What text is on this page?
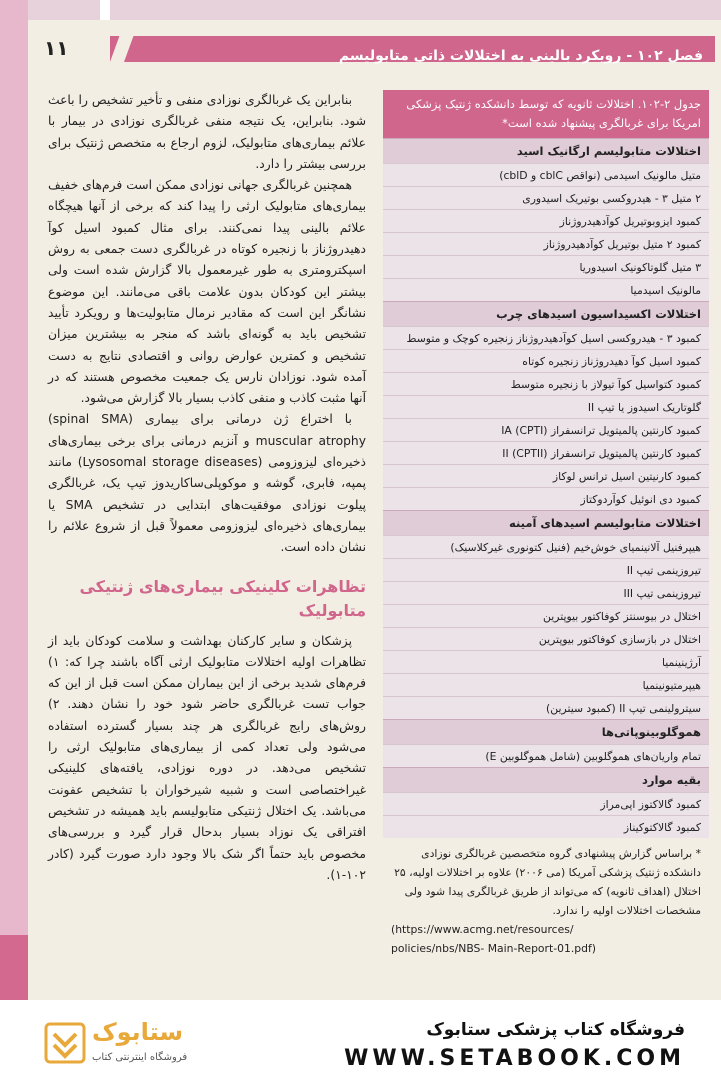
فصل ۱۰۲ - رویکرد بالینی به اختلالات ذاتی متابولیسم
۱۱

بنابراین یک غربالگری نوزادی منفی و تأخیر تشخیص را باعث شود. بنابراین، یک نتیجه منفی غربالگری نوزادی در بیمار با علائم بیماری‌های متابولیک، لزوم ارجاع به متخصص ژنتیک برای بررسی بیشتر را دارد.

همچنین غربالگری جهانی نوزادی ممکن است فرم‌های خفیف بیماری‌های متابولیک ارثی را پیدا کند که برخی از آنها هیچگاه علائم بالینی پیدا نمی‌کنند. برای مثال کمبود اسیل کوآ دهیدروژناز با زنجیره کوتاه در غربالگری دست جمعی به روش اسپکترومتری به طور غیرمعمول بالا گزارش شده است ولی بیشتر این کودکان بدون علامت باقی می‌مانند. این موضوع نشانگر این است که مقادیر نرمال متابولیت‌ها و رویکرد تأیید تشخیص باید به گونه‌ای باشد که منجر به بیشترین میزان تشخیص و کمترین عوارض روانی و اقتصادی نتایج به دست آمده شود. نوزادان نارس یک جمعیت مخصوص هستند که در آنها مثبت کاذب و منفی کاذب بسیار بالا گزارش می‌شود.

با اختراع ژن درمانی برای بیماری (spinal SMA) muscular atrophy و آنزیم درمانی برای برخی بیماری‌های ذخیره‌ای لیزوزومی (Lysosomal storage diseases) مانند پمپه، فابری، گوشه و موکوپلی‌ساکاریدوز تیپ یک، غربالگری پیلوت نوزادی موفقیت‌های ابتدایی در تشخیص SMA یا بیماری‌های ذخیره‌ای لیزوزومی معمولاً قبل از شروع علائم را نشان داده است.

تظاهرات کلینیکی بیماری‌های ژنتیکی
متابولیک

پزشکان و سایر کارکنان بهداشت و سلامت کودکان باید از تظاهرات اولیه اختلالات متابولیک ارثی آگاه باشند چرا که: ۱) فرم‌های شدید برخی از این بیماران ممکن است قبل از این که جواب تست غربالگری حاضر شود خود را نشان دهند. ۲) روش‌های رایج غربالگری هر چند بسیار گسترده استفاده می‌شود ولی تعداد کمی از بیماری‌های متابولیک ارثی را تشخیص می‌دهد. در دوره نوزادی، یافته‌های کلینیکی غیراختصاصی است و شبیه شیرخواران با تشخیص عفونت می‌باشد. یک اختلال ژنتیکی متابولیسم باید همیشه در تشخیص افتراقی یک نوزاد بسیار بدحال قرار گیرد و بررسی‌های مخصوص باید حتماً اگر شک بالا وجود دارد صورت گیرد (کادر ۱۰۲-۱).

جدول ۲-۱۰۲. اختلالات ثانویه که توسط دانشکده ژنتیک پزشکی امریکا برای غربالگری پیشنهاد شده است*
اختلالات متابولیسم ارگانیک اسید
متیل مالونیک اسیدمی (نواقص cblC و cblD)
۲ متیل ۳ - هیدروکسی بوتیریک اسیدوری
کمبود ایزوبوتیریل کوآدهیدروژناز
کمبود ۲ متیل بوتیریل کوآدهیدروژناز
۳ متیل گلوتاکونیک اسیدوریا
مالونیک اسیدمیا
اختلالات اکسیداسیون اسیدهای چرب
کمبود ۳ - هیدروکسی اسیل کوآدهیدروژناز زنجیره کوچک و متوسط
کمبود اسیل کوآ دهیدروژناز زنجیره کوتاه
کمبود کتواسیل کوآ تیولاز با زنجیره متوسط
گلوتاریک اسیدوز یا تیپ II
کمبود کارنتین پالمیتویل ترانسفراز IA (CPTI)
کمبود کارنتین پالمیتویل ترانسفراز II (CPTII)
کمبود کارنیتین اسیل ترانس لوکاز
کمبود دی انوئیل کوآردوکتاز
اختلالات متابولیسم اسیدهای آمینه
هیپرفنیل آلانینمیای خوش‌خیم (فنیل کتونوری غیرکلاسیک)
تیروزینمی تیپ II
تیروزینمی تیپ III
اختلال در بیوسنتز کوفاکتور بیوپترین
اختلال در بازسازی کوفاکتور بیوپترین
آرژینینمیا
هیپرمتیونینمیا
سیترولینمی تیپ II (کمبود سیترین)
هموگلوبینوپاتی‌ها
تمام واریان‌های هموگلوبین (شامل هموگلوبین E)
بقیه موارد
کمبود گالاکتوز اپی‌مراز
کمبود گالاکتوکیناز
* براساس گزارش پیشنهادی گروه متخصصین غربالگری نوزادی دانشکده ژنتیک پزشکی آمریکا (می ۲۰۰۶) علاوه بر اختلالات اولیه، ۲۵ اختلال (اهداف ثانویه) که می‌تواند از طریق غربالگری پیدا شود ولی مشخصات اختلالات اولیه را ندارد.
(https://www.acmg.net/resources/
policies/nbs/NBS- Main-Report-01.pdf)
ستابوک
فروشگاه اینترنتی کتاب
فروشگاه کتاب پزشکی ستابوک
WWW.SETABOOK.COM
